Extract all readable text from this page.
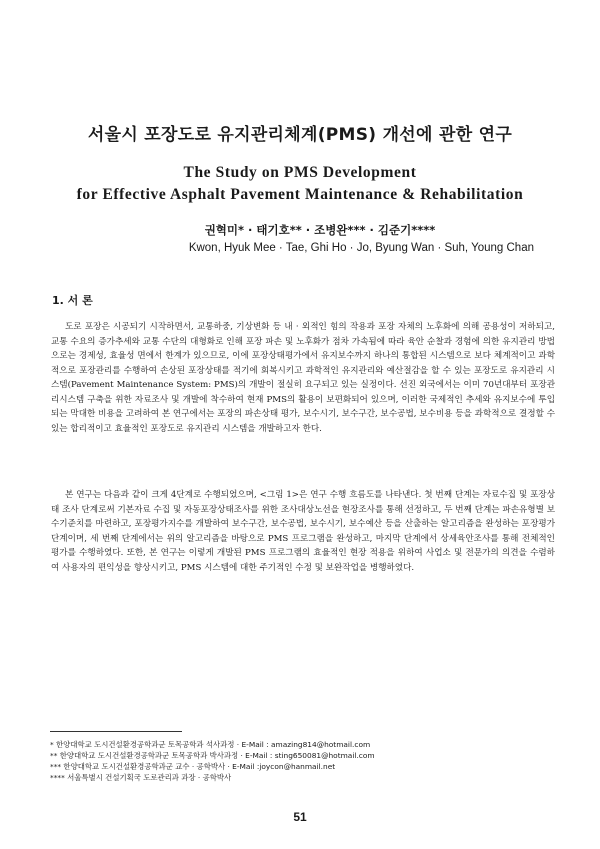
서울시 포장도로 유지관리체계(PMS) 개선에 관한 연구
The Study on PMS Development
for Effective Asphalt Pavement Maintenance & Rehabilitation
권혁미* · 태기호** · 조병완*** · 김준기****
Kwon, Hyuk Mee · Tae, Ghi Ho · Jo, Byung Wan · Suh, Young Chan
1. 서 론
도로 포장은 시공되기 시작하면서, 교통하중, 기상변화 등 내 · 외적인 힘의 작용과 포장 자체의 노후화에 의해 공용성이 저하되고, 교통 수요의 증가추세와 교통 수단의 대형화로 인해 포장 파손 및 노후화가 점차 가속됨에 따라 육안 순찰과 경험에 의한 유지관리 방법으로는 경제성, 효율성 면에서 한계가 있으므로, 이에 포장상태평가에서 유지보수까지 하나의 통합된 시스템으로 보다 체계적이고 과학적으로 포장관리를 수행하여 손상된 포장상태를 적기에 회복시키고 과학적인 유지관리와 예산절감을 할 수 있는 포장도로 유지관리 시스템(Pavement Maintenance System: PMS)의 개발이 절실히 요구되고 있는 실정이다. 선진 외국에서는 이미 70년대부터 포장관리시스템 구축을 위한 자료조사 및 개발에 착수하여 현재 PMS의 활용이 보편화되어 있으며, 이러한 국제적인 추세와 유지보수에 투입되는 막대한 비용을 고려하여 본 연구에서는 포장의 파손상태 평가, 보수시기, 보수구간, 보수공법, 보수비용 등을 과학적으로 결정할 수 있는 합리적이고 효율적인 포장도로 유지관리 시스템을 개발하고자 한다.
본 연구는 다음과 같이 크게 4단계로 수행되었으며, <그림 1>은 연구 수행 흐름도를 나타낸다. 첫 번째 단계는 자료수집 및 포장상태 조사 단계로써 기본자료 수집 및 자동포장상태조사를 위한 조사대상노선을 현장조사를 통해 선정하고, 두 번째 단계는 파손유형별 보수기준치를 마련하고, 포장평가지수를 개발하여 보수구간, 보수공법, 보수시기, 보수예산 등을 산출하는 알고리즘을 완성하는 포장평가 단계이며, 세 번째 단계에서는 위의 알고리즘을 바탕으로 PMS 프로그램을 완성하고, 마지막 단계에서 상세육안조사를 통해 전체적인 평가를 수행하였다. 또한, 본 연구는 이렇게 개발된 PMS 프로그램의 효율적인 현장 적용을 위하여 사업소 및 전문가의 의견을 수렴하여 사용자의 편익성을 향상시키고, PMS 시스템에 대한 주기적인 수정 및 보완작업을 병행하였다.
* 한양대학교 도시건설환경공학과군 토목공학과 석사과정 · E-Mail : amazing814@hotmail.com
** 한양대학교 도시건설환경공학과군 토목공학과 박사과정 · E-Mail : sting650081@hotmail.com
*** 한양대학교 도시건설환경공학과군 교수 · 공학박사 · E-Mail :joycon@hanmail.net
**** 서울특별시 건설기획국 도로관리과 과장 · 공학박사
51
